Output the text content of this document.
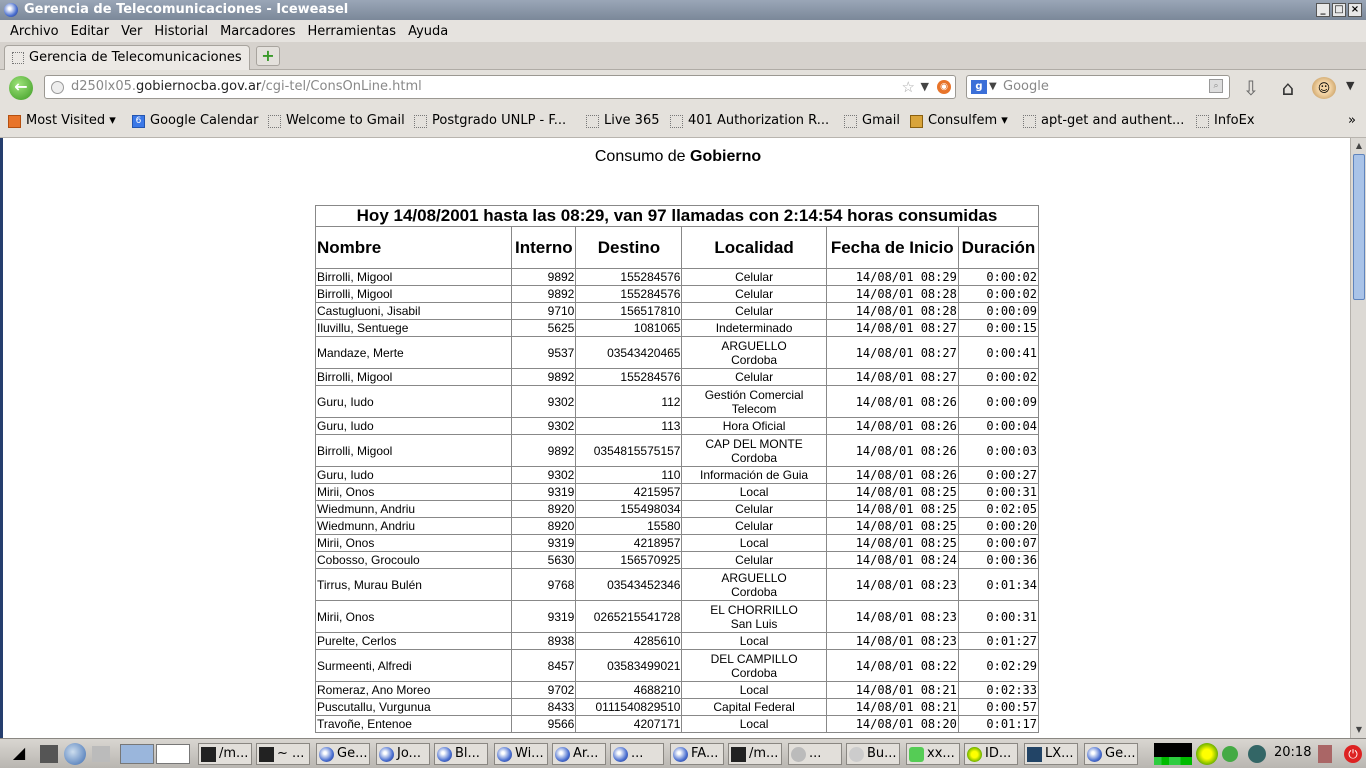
Gerencia de Telecomunicaciones - Iceweasel	_ □ ×
Archivo Editar Ver Historial Marcadores Herramientas Ayuda
Gerencia de Telecomunicaciones	+
←	d250lx05.gobiernocba.gov.ar/cgi-tel/ConsOnLine.html	☆ ▼	◉	g ▼ Google	⌕ ⇩ ⌂	☺	▼
Most Visited ▾	6 Google Calendar	Welcome to Gmail	Postgrado UNLP - F...	Live 365	401 Authorization R...	Gmail	Consulfem ▾	apt-get and authent...	InfoEx	»
Consumo de Gobierno
Hoy 14/08/2001 hasta las 08:29, van 97 llamadas con 2:14:54 horas consumidas					
Nombre	Interno	Destino	Localidad	Fecha de Inicio	Duración
Birrolli, Migool	9892	155284576	Celular	14/08/01 08:29	0:00:02
Birrolli, Migool	9892	155284576	Celular	14/08/01 08:28	0:00:02
Castugluoni, Jisabil	9710	156517810	Celular	14/08/01 08:28	0:00:09
Iluvillu, Sentuege	5625	1081065	Indeterminado	14/08/01 08:27	0:00:15
Mandaze, Merte	9537	03543420465	ARGUELLO
Cordoba	14/08/01 08:27	0:00:41
Birrolli, Migool	9892	155284576	Celular	14/08/01 08:27	0:00:02
Guru, Iudo	9302	112	Gestión Comercial
Telecom	14/08/01 08:26	0:00:09
Guru, Iudo	9302	113	Hora Oficial	14/08/01 08:26	0:00:04
Birrolli, Migool	9892	0354815575157	CAP DEL MONTE
Cordoba	14/08/01 08:26	0:00:03
Guru, Iudo	9302	110	Información de Guia	14/08/01 08:26	0:00:27
Mirii, Onos	9319	4215957	Local	14/08/01 08:25	0:00:31
Wiedmunn, Andriu	8920	155498034	Celular	14/08/01 08:25	0:02:05
Wiedmunn, Andriu	8920	15580	Celular	14/08/01 08:25	0:00:20
Mirii, Onos	9319	4218957	Local	14/08/01 08:25	0:00:07
Cobosso, Grocoulo	5630	156570925	Celular	14/08/01 08:24	0:00:36
Tirrus, Murau Bulén	9768	03543452346	ARGUELLO
Cordoba	14/08/01 08:23	0:01:34
Mirii, Onos	9319	0265215541728	EL CHORRILLO
San Luis	14/08/01 08:23	0:00:31
Purelte, Cerlos	8938	4285610	Local	14/08/01 08:23	0:01:27
Surmeenti, Alfredi	8457	03583499021	DEL CAMPILLO
Cordoba	14/08/01 08:22	0:02:29
Romeraz, Ano Moreo	9702	4688210	Local	14/08/01 08:21	0:02:33
Puscutallu, Vurgunua	8433	0111540829510	Capital Federal	14/08/01 08:21	0:00:57
Travoñe, Entenoe	9566	4207171	Local	14/08/01 08:20	0:01:17
▲
▼
◢	/m...	~ ...	Ge...	Jo...	Bl...	Wi...	Ar...	...	FA...	/m...	...	Bu...	xx...	ID...	LX...	Ge...	20:18	⏻
